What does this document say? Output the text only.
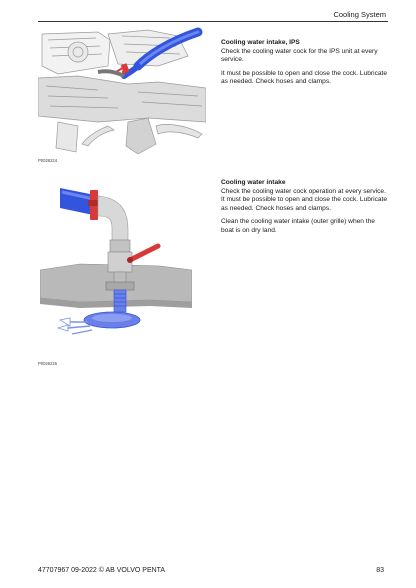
Cooling System
P0026224
Cooling water intake, IPS

Check the cooling water cock for the IPS unit at every service.

It must be possible to open and close the cock. Lubricate as needed. Check hoses and clamps.

P0026225
Cooling water intake

Check the cooling water cock operation at every service. It must be possible to open and close the cock. Lubricate as needed. Check hoses and clamps.

Clean the cooling water intake (outer grille) when the boat is on dry land.

47707967 09-2022 © AB VOLVO PENTA	83
